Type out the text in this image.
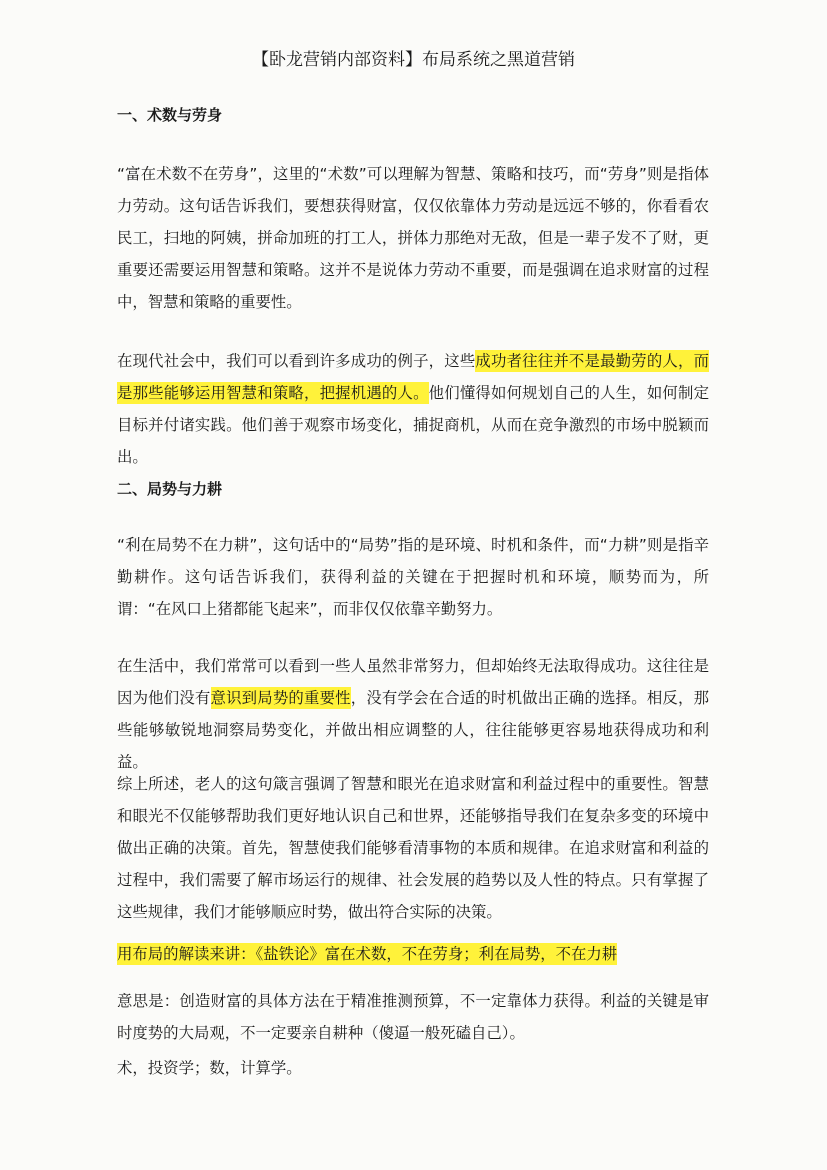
【卧龙营销内部资料】布局系统之黑道营销
一、术数与劳身

“富在术数不在劳身”，这里的“术数”可以理解为智慧、策略和技巧，而“劳身”则是指体力劳动。这句话告诉我们，要想获得财富，仅仅依靠体力劳动是远远不够的，你看看农民工，扫地的阿姨，拼命加班的打工人，拼体力那绝对无敌，但是一辈子发不了财，更重要还需要运用智慧和策略。这并不是说体力劳动不重要，而是强调在追求财富的过程中，智慧和策略的重要性。

在现代社会中，我们可以看到许多成功的例子，这些成功者往往并不是最勤劳的人，而是那些能够运用智慧和策略，把握机遇的人。他们懂得如何规划自己的人生，如何制定目标并付诸实践。他们善于观察市场变化，捕捉商机，从而在竞争激烈的市场中脱颖而出。

二、局势与力耕

“利在局势不在力耕”，这句话中的“局势”指的是环境、时机和条件，而“力耕”则是指辛勤耕作。这句话告诉我们，获得利益的关键在于把握时机和环境，顺势而为，所谓：“在风口上猪都能飞起来”，而非仅仅依靠辛勤努力。

在生活中，我们常常可以看到一些人虽然非常努力，但却始终无法取得成功。这往往是因为他们没有意识到局势的重要性，没有学会在合适的时机做出正确的选择。相反，那些能够敏锐地洞察局势变化，并做出相应调整的人，往往能够更容易地获得成功和利益。

综上所述，老人的这句箴言强调了智慧和眼光在追求财富和利益过程中的重要性。智慧和眼光不仅能够帮助我们更好地认识自己和世界，还能够指导我们在复杂多变的环境中做出正确的决策。首先，智慧使我们能够看清事物的本质和规律。在追求财富和利益的过程中，我们需要了解市场运行的规律、社会发展的趋势以及人性的特点。只有掌握了这些规律，我们才能够顺应时势，做出符合实际的决策。

用布局的解读来讲：《盐铁论》富在术数，不在劳身；利在局势，不在力耕

意思是：创造财富的具体方法在于精准推测预算，不一定靠体力获得。利益的关键是审时度势的大局观，不一定要亲自耕种（傻逼一般死磕自己）。

术，投资学；数，计算学。
